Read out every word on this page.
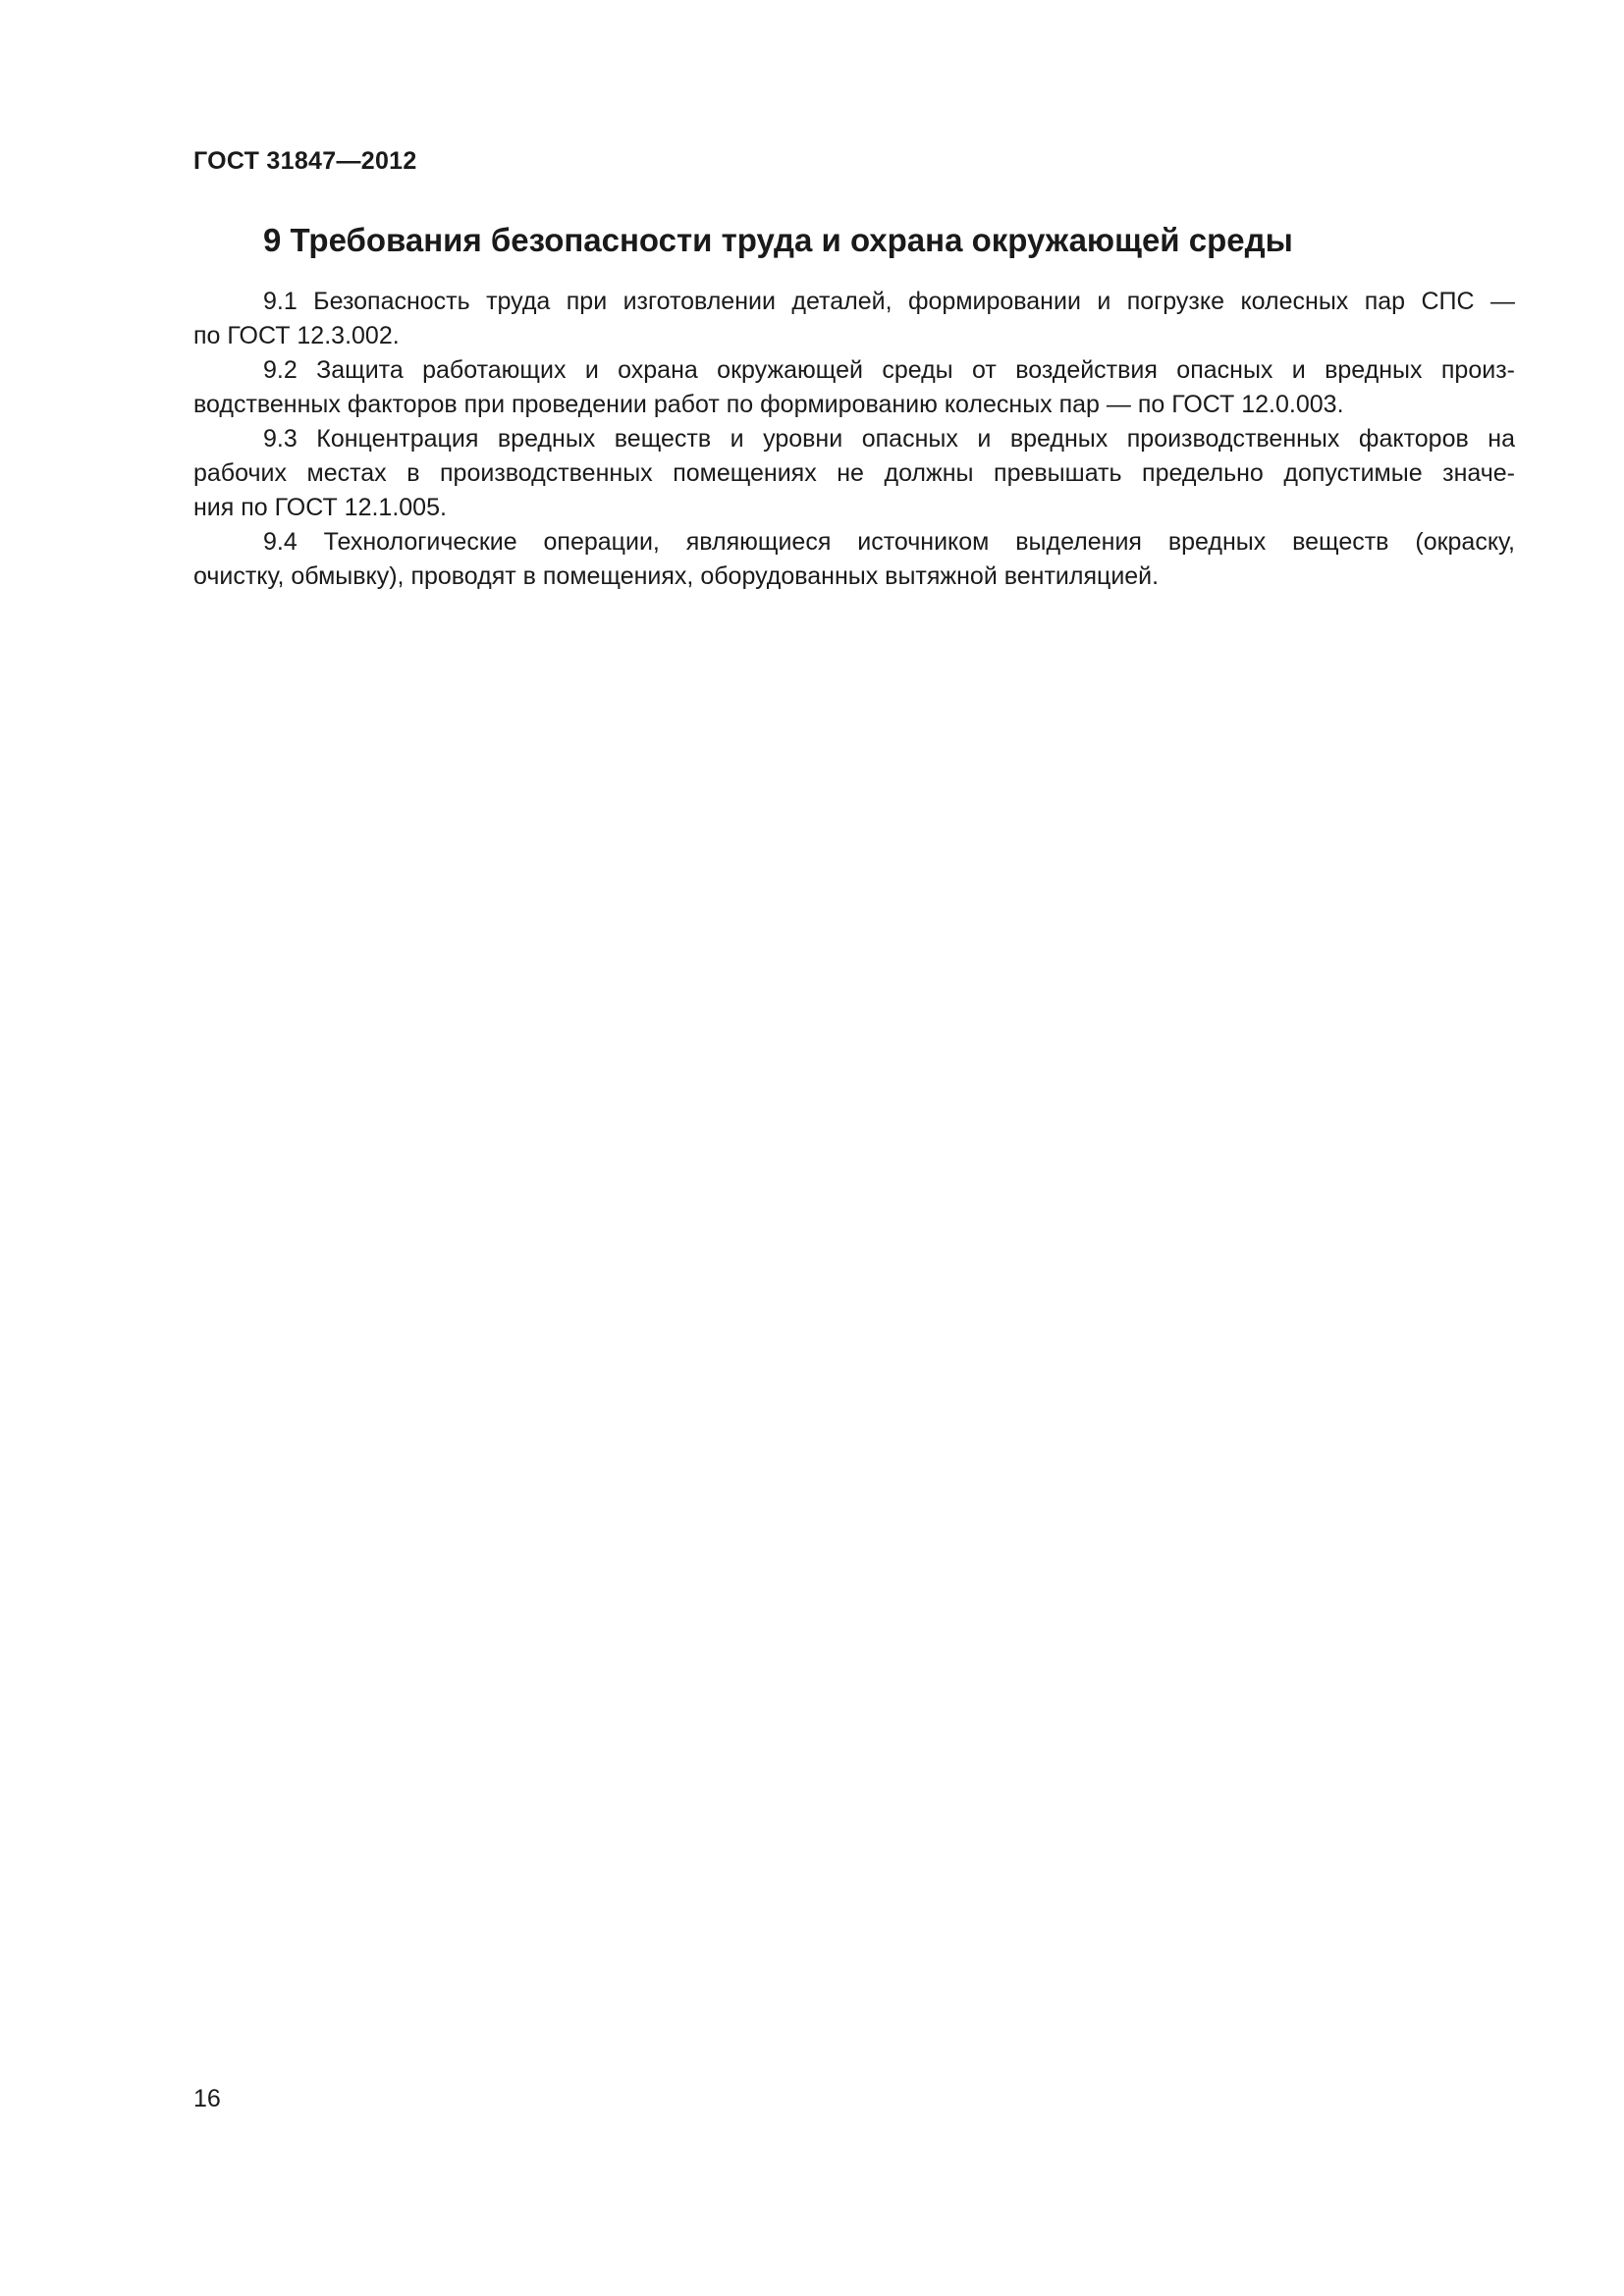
ГОСТ 31847—2012
9 Требования безопасности труда и охрана окружающей среды

9.1 Безопасность труда при изготовлении деталей, формировании и погрузке колесных пар СПС —
по ГОСТ 12.3.002.

9.2 Защита работающих и охрана окружающей среды от воздействия опасных и вредных произ-
водственных факторов при проведении работ по формированию колесных пар — по ГОСТ 12.0.003.

9.3 Концентрация вредных веществ и уровни опасных и вредных производственных факторов на
рабочих местах в производственных помещениях не должны превышать предельно допустимые значе-
ния по ГОСТ 12.1.005.

9.4 Технологические операции, являющиеся источником выделения вредных веществ (окраску,
очистку, обмывку), проводят в помещениях, оборудованных вытяжной вентиляцией.

16
